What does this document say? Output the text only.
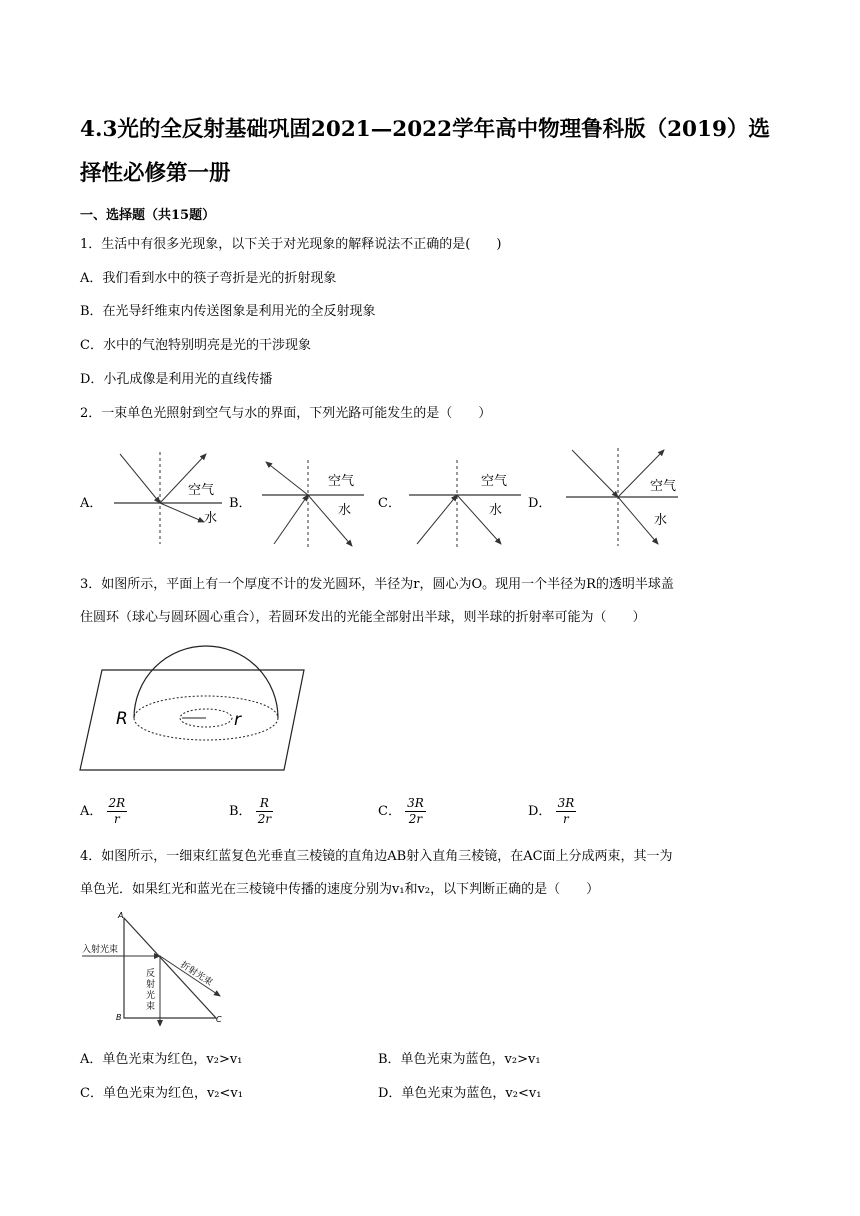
4.3光的全反射基础巩固2021—2022学年高中物理鲁科版（2019）选择性必修第一册
一、选择题（共15题）
1．生活中有很多光现象，以下关于对光现象的解释说法不正确的是(　　)
A．我们看到水中的筷子弯折是光的折射现象
B．在光导纤维束内传送图象是利用光的全反射现象
C．水中的气泡特别明亮是光的干涉现象
D．小孔成像是利用光的直线传播
2．一束单色光照射到空气与水的界面，下列光路可能发生的是（　　）
A．
空气
水
B．
空气
水 C．
空气
水 D．
空气
水
3．如图所示，平面上有一个厚度不计的发光圆环，半径为r，圆心为O。现用一个半径为R的透明半球盖
住圆环（球心与圆环圆心重合），若圆环发出的光能全部射出半球，则半球的折射率可能为（　　）
R	r
A． $\frac{2R}{r}$	B． $\frac{R}{2r}$	C． $\frac{3R}{2r}$	D． $\frac{3R}{r}$
4．如图所示，一细束红蓝复色光垂直三棱镜的直角边AB射入直角三棱镜，在AC面上分成两束，其一为
单色光．如果红光和蓝光在三棱镜中传播的速度分别为v₁和v₂，以下判断正确的是（　　）
A
B	C
入射光束
折射光束
反
射
光
束
A．单色光束为红色，v₂>v₁	B．单色光束为蓝色，v₂>v₁
C．单色光束为红色，v₂<v₁	D．单色光束为蓝色，v₂<v₁
